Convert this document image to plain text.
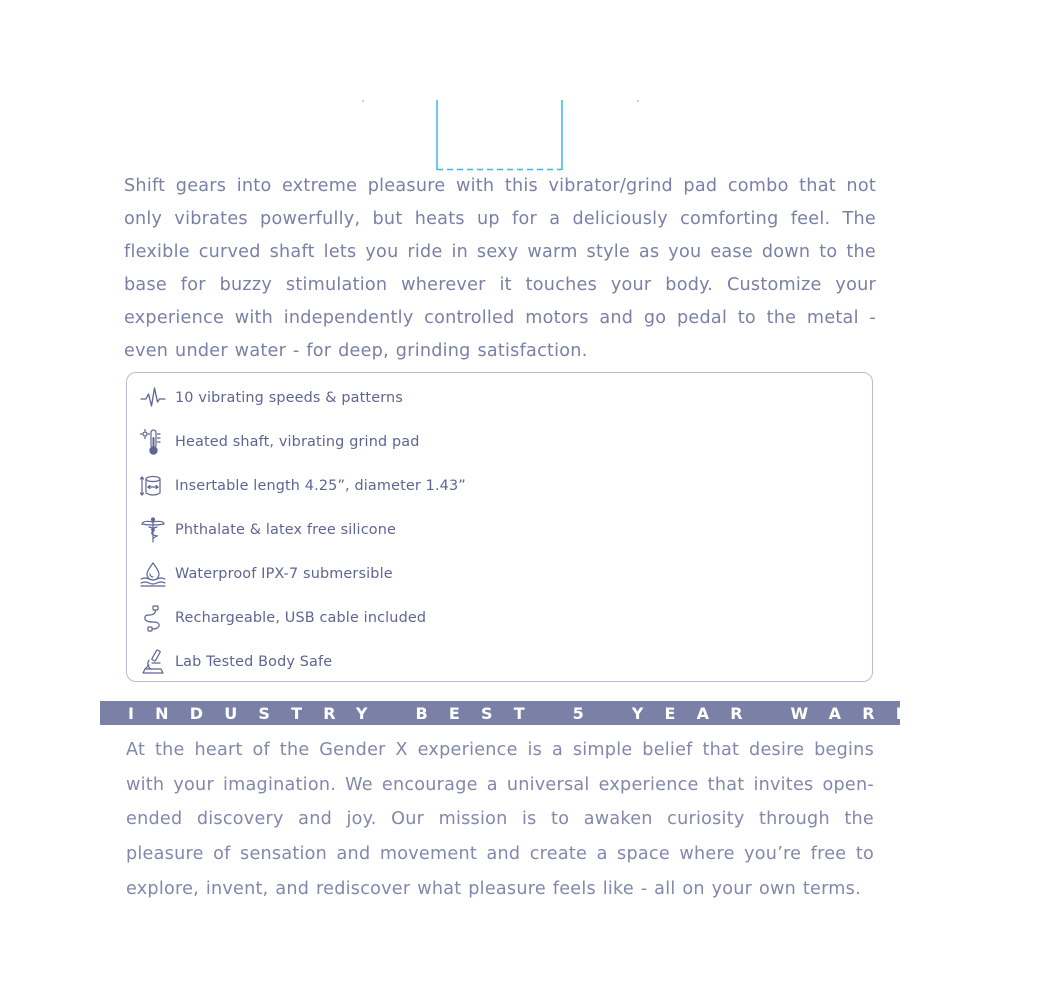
Shift gears into extreme pleasure with this vibrator/grind pad combo that not only vibrates powerfully, but heats up for a deliciously comforting feel. The flexible curved shaft lets you ride in sexy warm style as you ease down to the base for buzzy stimulation wherever it touches your body. Customize your experience with independently controlled motors and go pedal to the metal - even under water - for deep, grinding satisfaction.

10 vibrating speeds & patterns
Heated shaft, vibrating grind pad
Insertable length 4.25”, diameter 1.43”
Phthalate & latex free silicone
Waterproof IPX-7 submersible
Rechargeable, USB cable included
Lab Tested Body Safe
INDUSTRY BEST 5 YEAR WARRANTY

At the heart of the Gender X experience is a simple belief that desire begins with your imagination. We encourage a universal experience that invites open-ended discovery and joy. Our mission is to awaken curiosity through the pleasure of sensation and movement and create a space where you’re free to explore, invent, and rediscover what pleasure feels like - all on your own terms.
